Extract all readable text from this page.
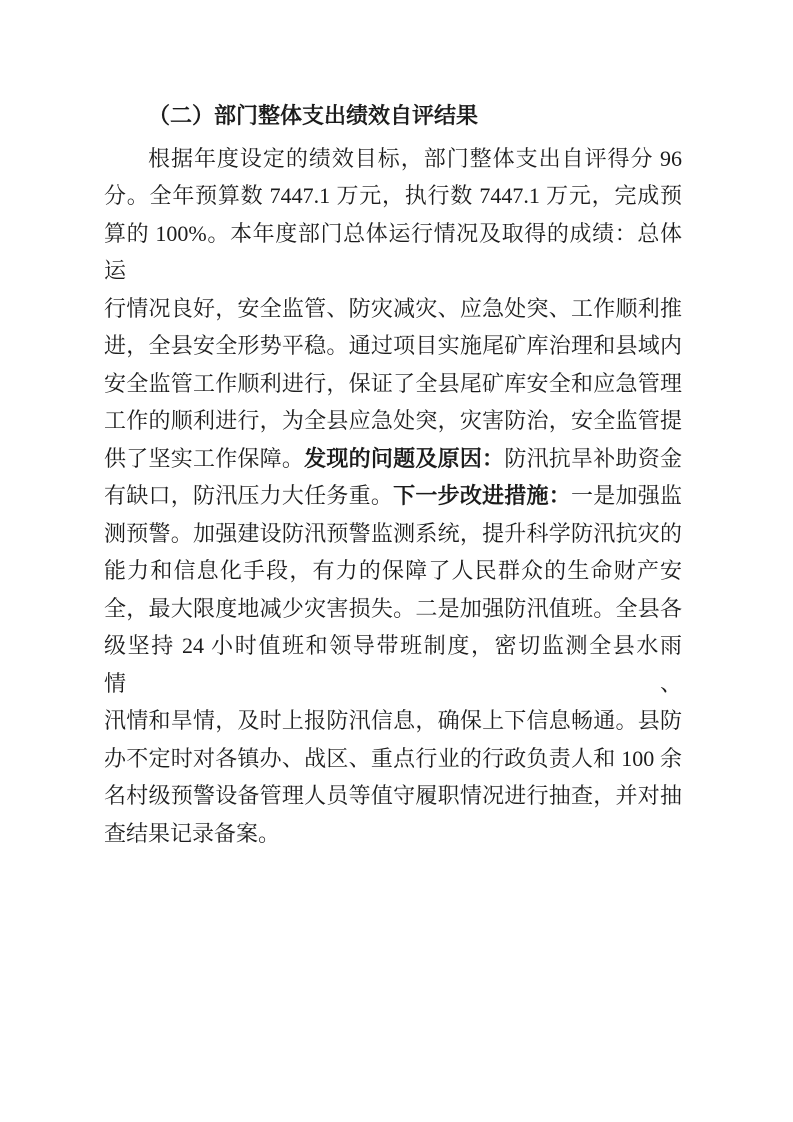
（二）部门整体支出绩效自评结果
根据年度设定的绩效目标，部门整体支出自评得分 96
分。全年预算数 7447.1 万元，执行数 7447.1 万元，完成预
算的 100%。本年度部门总体运行情况及取得的成绩：总体运
行情况良好，安全监管、防灾减灾、应急处突、工作顺利推
进，全县安全形势平稳。通过项目实施尾矿库治理和县域内
安全监管工作顺利进行，保证了全县尾矿库安全和应急管理
工作的顺利进行，为全县应急处突，灾害防治，安全监管提
供了坚实工作保障。发现的问题及原因：防汛抗旱补助资金
有缺口，防汛压力大任务重。下一步改进措施：一是加强监
测预警。加强建设防汛预警监测系统，提升科学防汛抗灾的
能力和信息化手段，有力的保障了人民群众的生命财产安
全，最大限度地减少灾害损失。二是加强防汛值班。全县各
级坚持 24 小时值班和领导带班制度，密切监测全县水雨情、
汛情和旱情，及时上报防汛信息，确保上下信息畅通。县防
办不定时对各镇办、战区、重点行业的行政负责人和 100 余
名村级预警设备管理人员等值守履职情况进行抽查，并对抽
查结果记录备案。
